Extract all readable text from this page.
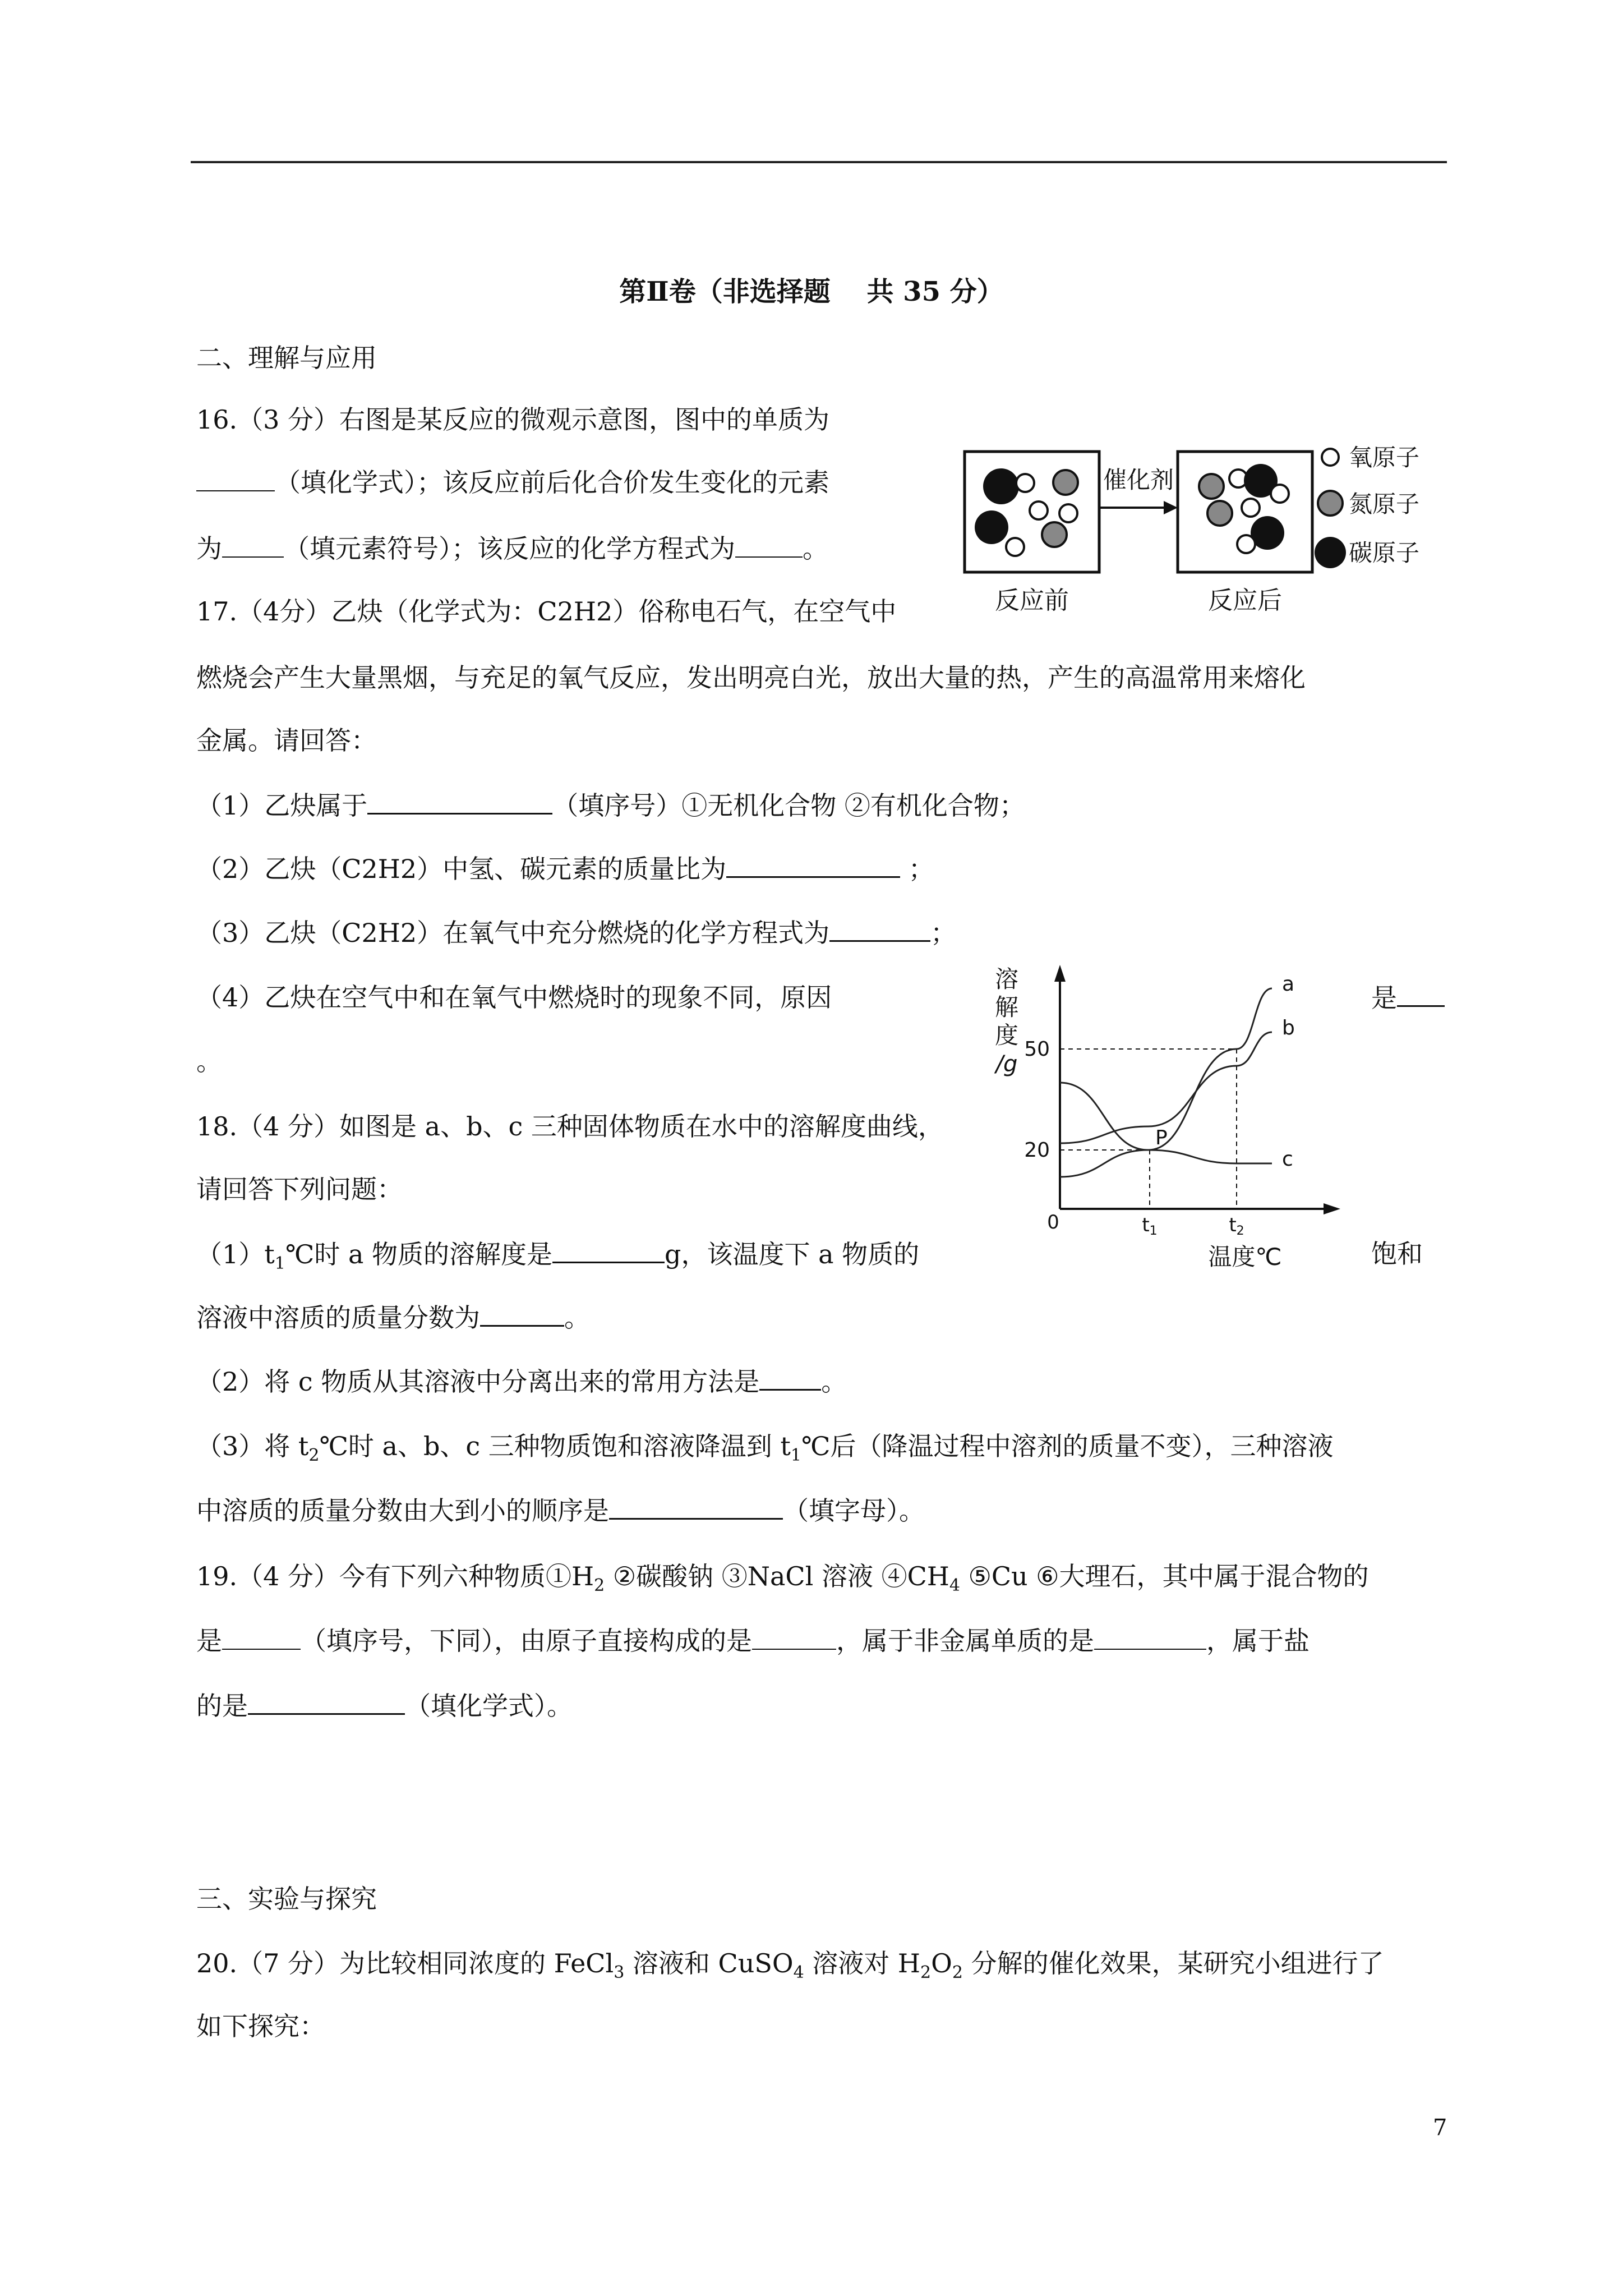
第Ⅱ卷（非选择题　 共 35 分）
二、理解与应用
16.（3 分）右图是某反应的微观示意图，图中的单质为
（填化学式）；该反应前后化合价发生变化的元素
为 （填元素符号）；该反应的化学方程式为	。
催化剂
反应前	反应后
氧原子
氮原子
碳原子
17.（4分）乙炔（化学式为：C2H2）俗称电石气，在空气中
燃烧会产生大量黑烟，与充足的氧气反应，发出明亮白光，放出大量的热，产生的高温常用来熔化
金属。请回答：
（1）乙炔属于	（填序号）①无机化合物 ②有机化合物；
（2）乙炔（C2H2）中氢、碳元素的质量比为	；
（3）乙炔（C2H2）在氧气中充分燃烧的化学方程式为	；
（4）乙炔在空气中和在氧气中燃烧时的现象不同，原因	是
。
18.（4 分）如图是 a、b、c 三种固体物质在水中的溶解度曲线，
请回答下列问题：
$(1)t_1℃$时 a 物质的溶解度是	g，该温度下 a 物质的	饱和
溶液中溶质的质量分数为	。
（2）将 c 物质从其溶液中分离出来的常用方法是 。
（3）将 $t_2℃$时 a、b、c 三种物质饱和溶液降温到 $t_1℃$后（降温过程中溶剂的质量不变），三种溶液
中溶质的质量分数由大到小的顺序是	（填字母）。
溶
解
度
/g
0
20
50
t1	t2
P
a
b
c
温度℃
19.（4 分）今有下列六种物质$①H_2$ ②碳酸钠 ③NaCl 溶液 $④CH_4$ ⑤Cu ⑥大理石，其中属于混合物的
是	（填序号，下同），由原子直接构成的是	，属于非金属单质的是	，属于盐
的是	（填化学式）。
三、实验与探究
20.（7 分）为比较相同浓度的 FeCl$_3$ 溶液和 CuSO$_4$ 溶液对 $H_2O_2$ 分解的催化效果，某研究小组进行了
如下探究：
7
